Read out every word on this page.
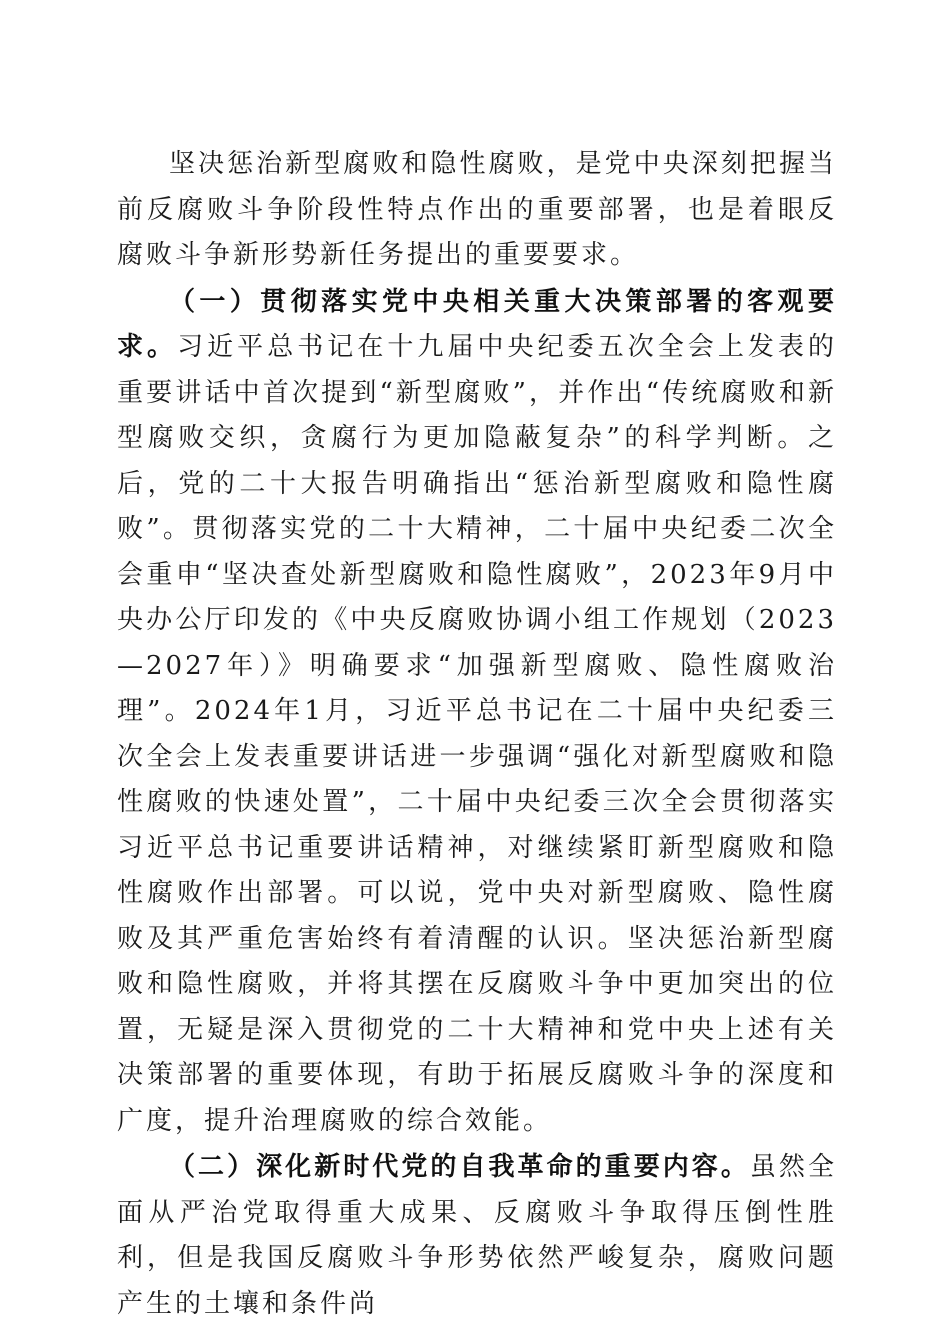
坚决惩治新型腐败和隐性腐败，是党中央深刻把握当前反腐败斗争阶段性特点作出的重要部署，也是着眼反腐败斗争新形势新任务提出的重要要求。

（一）贯彻落实党中央相关重大决策部署的客观要求。习近平总书记在十九届中央纪委五次全会上发表的重要讲话中首次提到“新型腐败”，并作出“传统腐败和新型腐败交织，贪腐行为更加隐蔽复杂”的科学判断。之后，党的二十大报告明确指出“惩治新型腐败和隐性腐败”。贯彻落实党的二十大精神，二十届中央纪委二次全会重申“坚决查处新型腐败和隐性腐败”，2023年9月中央办公厅印发的《中央反腐败协调小组工作规划（2023—2027年）》明确要求“加强新型腐败、隐性腐败治理”。2024年1月，习近平总书记在二十届中央纪委三次全会上发表重要讲话进一步强调“强化对新型腐败和隐性腐败的快速处置”，二十届中央纪委三次全会贯彻落实习近平总书记重要讲话精神，对继续紧盯新型腐败和隐性腐败作出部署。可以说，党中央对新型腐败、隐性腐败及其严重危害始终有着清醒的认识。坚决惩治新型腐败和隐性腐败，并将其摆在反腐败斗争中更加突出的位置，无疑是深入贯彻党的二十大精神和党中央上述有关决策部署的重要体现，有助于拓展反腐败斗争的深度和广度，提升治理腐败的综合效能。

（二）深化新时代党的自我革命的重要内容。虽然全面从严治党取得重大成果、反腐败斗争取得压倒性胜利，但是我国反腐败斗争形势依然严峻复杂，腐败问题产生的土壤和条件尚
